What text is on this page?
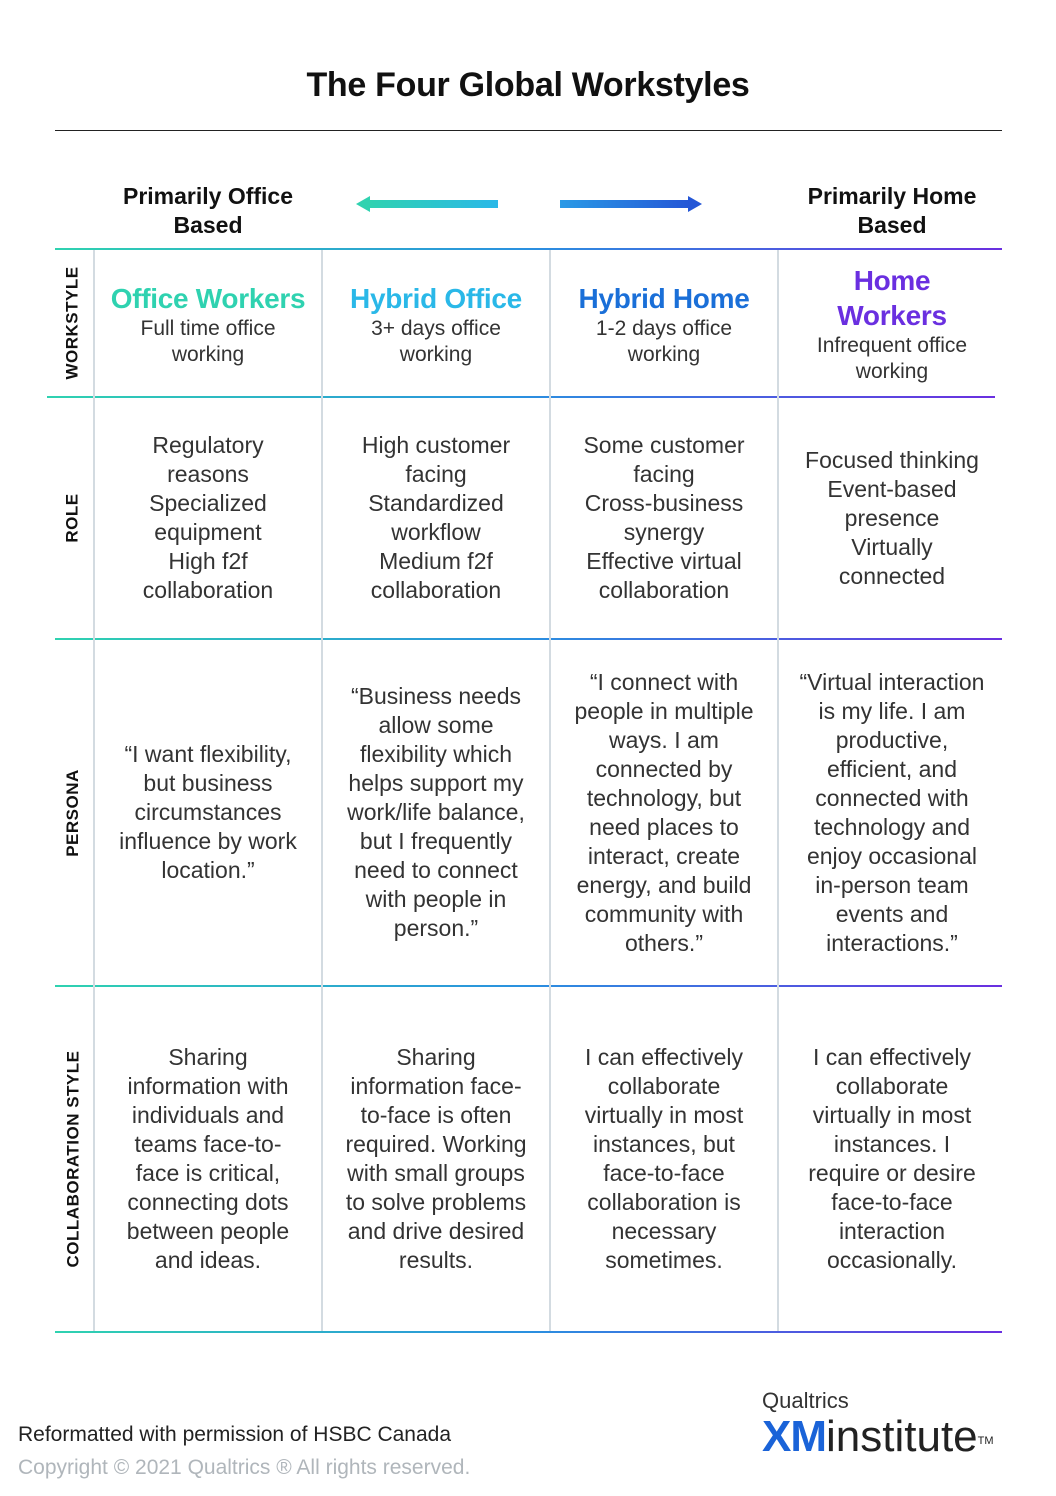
The Four Global Workstyles
Primarily Office
Based
Primarily Home
Based
WORKSTYLE
ROLE
PERSONA
COLLABORATION STYLE
Office Workers
Full time office
working
Hybrid Office
3+ days office
working
Hybrid Home
1-2 days office
working
Home
Workers
Infrequent office
working
Regulatory
reasons
Specialized
equipment
High f2f
collaboration
High customer
facing
Standardized
workflow
Medium f2f
collaboration
Some customer
facing
Cross-business
synergy
Effective virtual
collaboration
Focused thinking
Event-based
presence
Virtually
connected
“I want flexibility,
but business
circumstances
influence by work
location.”
“Business needs
allow some
flexibility which
helps support my
work/life balance,
but I frequently
need to connect
with people in
person.”
“I connect with
people in multiple
ways. I am
connected by
technology, but
need places to
interact, create
energy, and build
community with
others.”
“Virtual interaction
is my life. I am
productive,
efficient, and
connected with
technology and
enjoy occasional
in-person team
events and
interactions.”
Sharing
information with
individuals and
teams face-to-
face is critical,
connecting dots
between people
and ideas.
Sharing
information face-
to-face is often
required. Working
with small groups
to solve problems
and drive desired
results.
I can effectively
collaborate
virtually in most
instances, but
face-to-face
collaboration is
necessary
sometimes.
I can effectively
collaborate
virtually in most
instances. I
require or desire
face-to-face
interaction
occasionally.
Reformatted with permission of HSBC Canada
Copyright © 2021 Qualtrics ® All rights reserved.
Qualtrics
XMinstitute™
